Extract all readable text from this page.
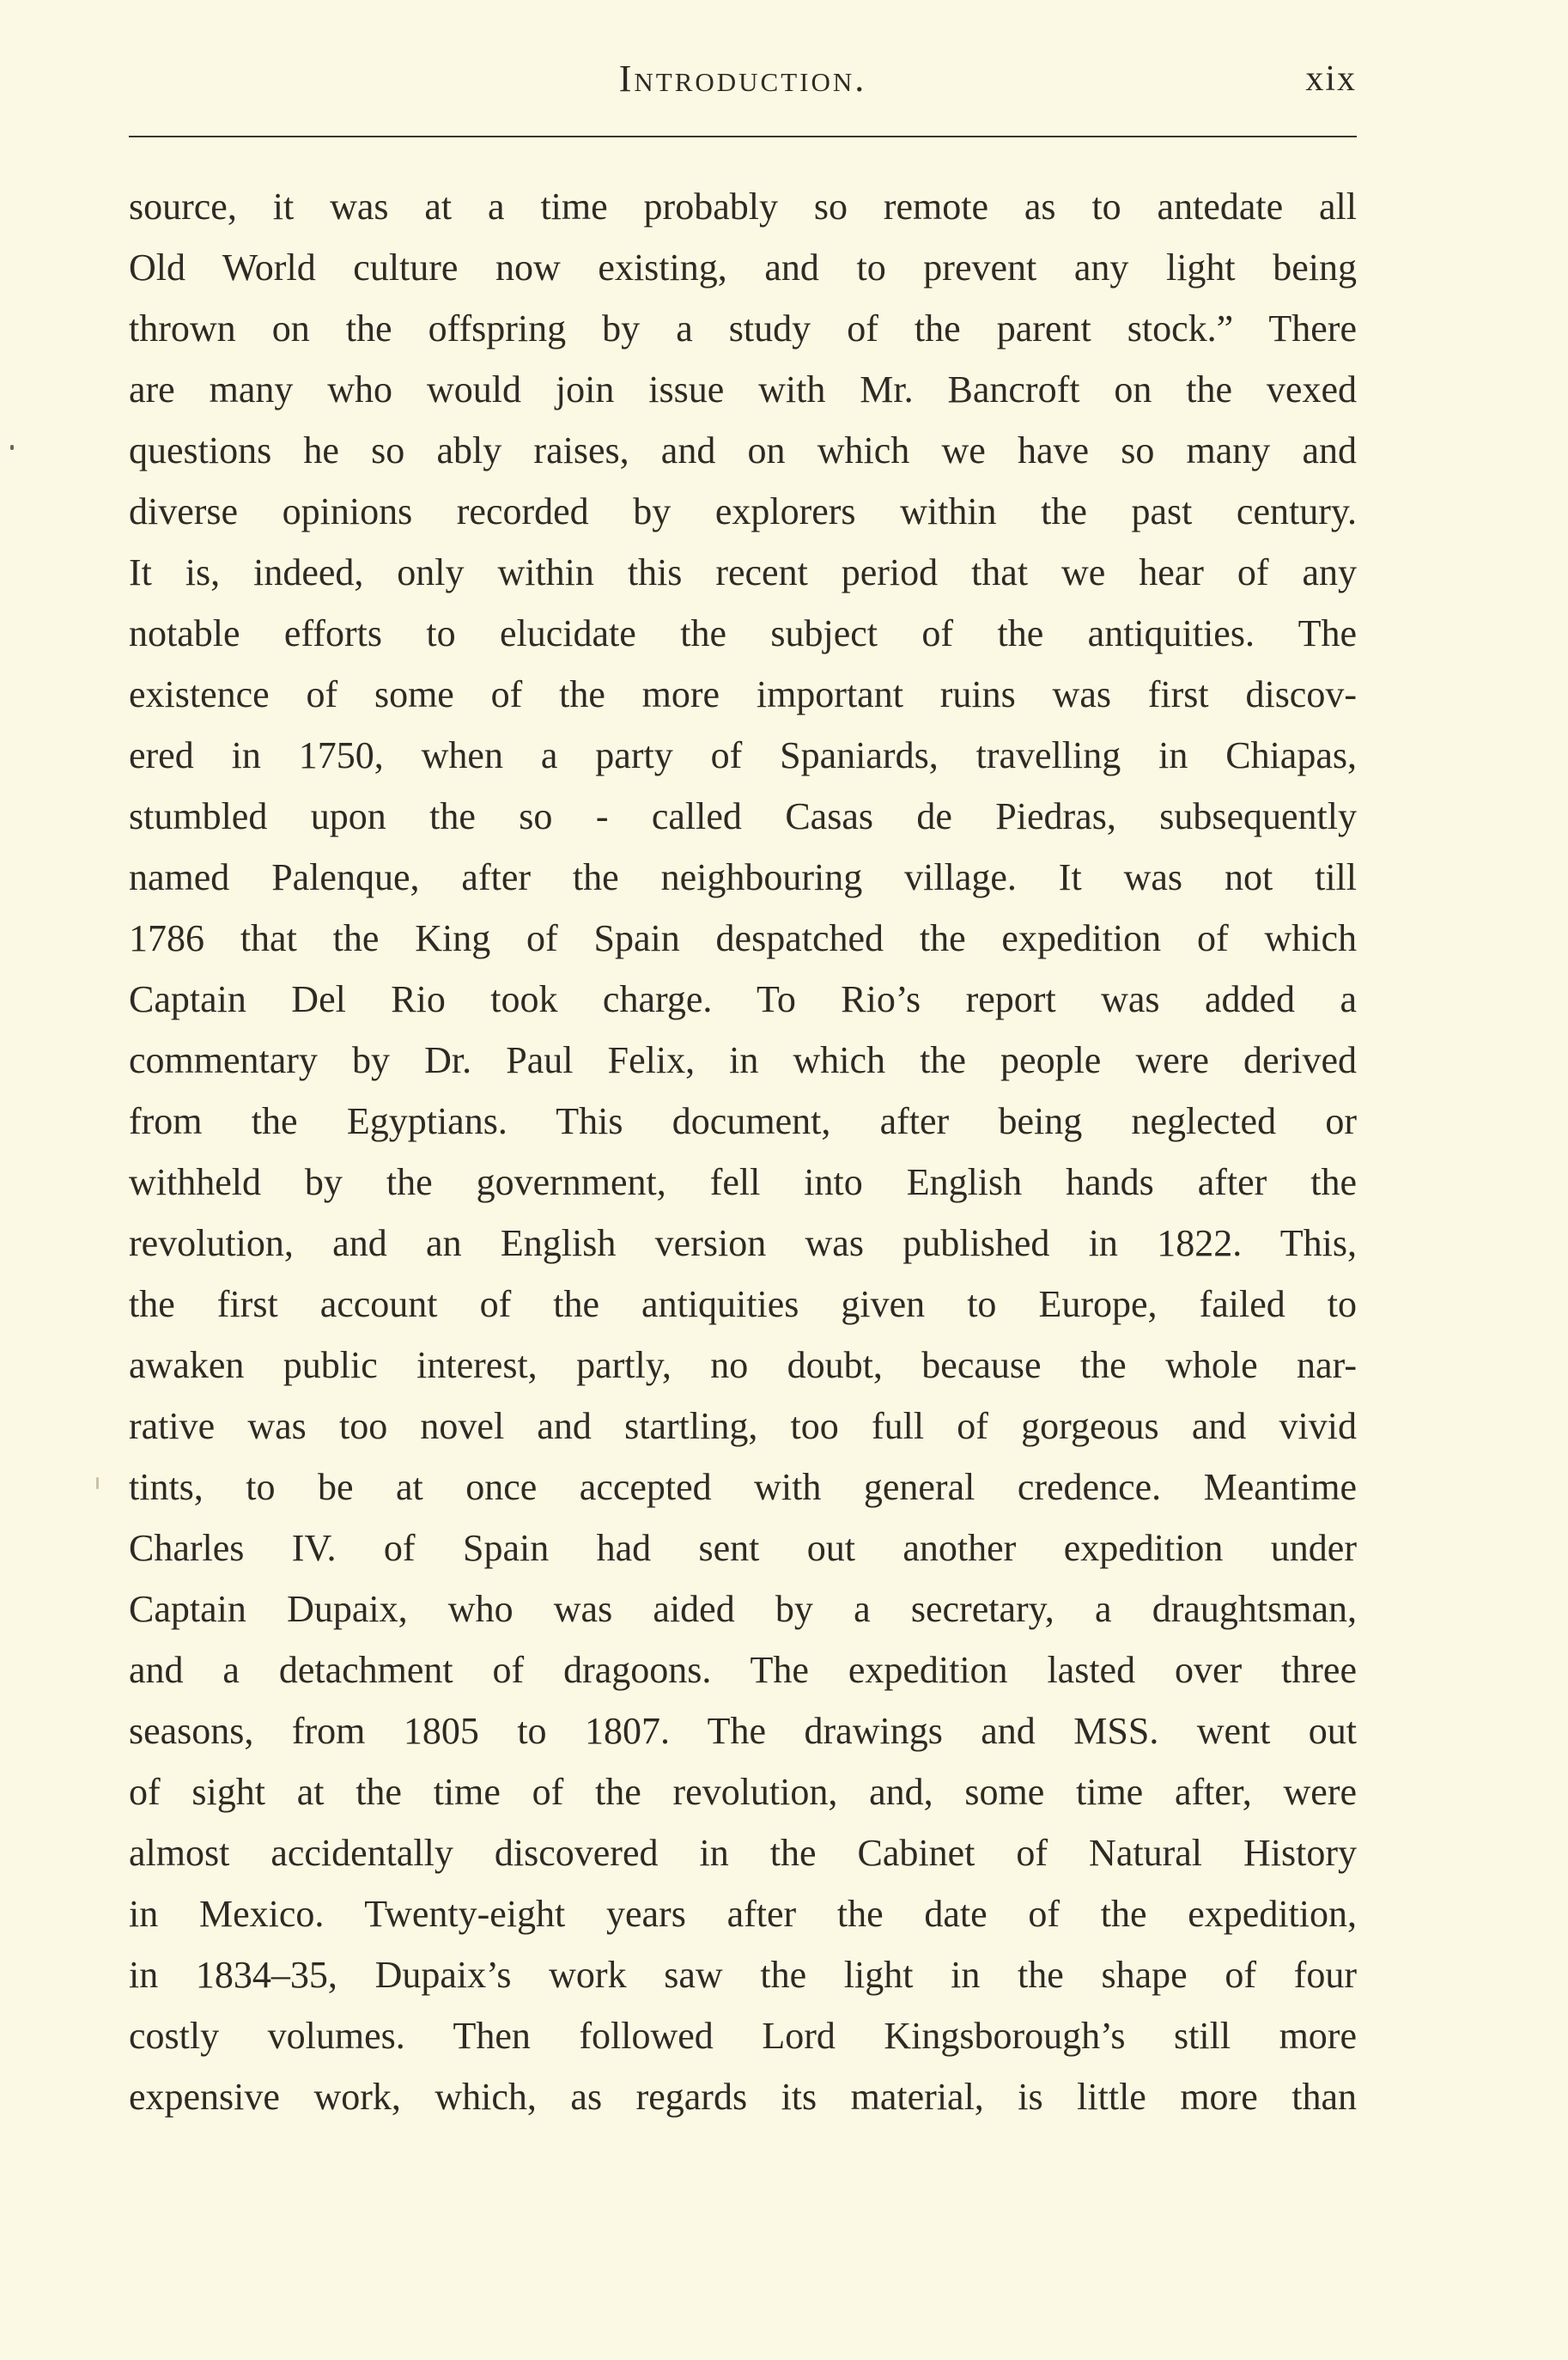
Introduction.	xix
source, it was at a time probably so remote as to antedate all
Old World culture now existing, and to prevent any light being
thrown on the offspring by a study of the parent stock.” There
are many who would join issue with Mr. Bancroft on the vexed
questions he so ably raises, and on which we have so many and
diverse opinions recorded by explorers within the past century.
It is, indeed, only within this recent period that we hear of any
notable efforts to elucidate the subject of the antiquities. The
existence of some of the more important ruins was first discov-
ered in 1750, when a party of Spaniards, travelling in Chiapas,
stumbled upon the so - called Casas de Piedras, subsequently
named Palenque, after the neighbouring village. It was not till
1786 that the King of Spain despatched the expedition of which
Captain Del Rio took charge. To Rio’s report was added a
commentary by Dr. Paul Felix, in which the people were derived
from the Egyptians. This document, after being neglected or
withheld by the government, fell into English hands after the
revolution, and an English version was published in 1822. This,
the first account of the antiquities given to Europe, failed to
awaken public interest, partly, no doubt, because the whole nar-
rative was too novel and startling, too full of gorgeous and vivid
tints, to be at once accepted with general credence. Meantime
Charles IV. of Spain had sent out another expedition under
Captain Dupaix, who was aided by a secretary, a draughtsman,
and a detachment of dragoons. The expedition lasted over three
seasons, from 1805 to 1807. The drawings and MSS. went out
of sight at the time of the revolution, and, some time after, were
almost accidentally discovered in the Cabinet of Natural History
in Mexico. Twenty-eight years after the date of the expedition,
in 1834–35, Dupaix’s work saw the light in the shape of four
costly volumes. Then followed Lord Kingsborough’s still more
expensive work, which, as regards its material, is little more than
